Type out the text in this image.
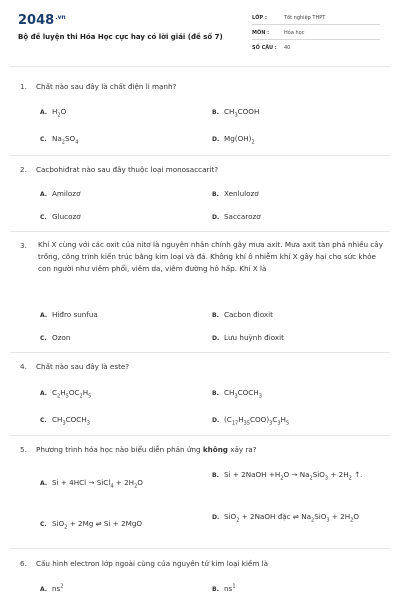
$2048^{.vn}$
Bộ đề luyện thi Hóa Học cực hay có lời giải (đề số 7)
LỚP :	Tốt nghiệp THPT
MÔN :	Hóa học
SỐ CÂU : 40
1. Chất nào sau đây là chất điện li mạnh?
A. $H_2O$	B. $CH_3COOH$
C. $Na_2SO_4$	D. $Mg(OH)_2$
2. Cacbohiđrat nào sau đây thuộc loại monosaccarit?
A. Amilozơ	B. Xenlulozơ
C. Glucozơ	D. Saccarozơ
3.	Khí X cùng với các oxit của nitơ là nguyên nhân chính gây mưa axit. Mưa axit tàn phá nhiều cây trồng, công trình kiến trúc bằng kim loại và đá. Không khí ô nhiễm khí X gây hại cho sức khỏe con người như viêm phổi, viêm da, viêm đường hô hấp. Khí X là
A. Hiđro sunfua	B. Cacbon đioxit
C. Ozon	D. Lưu huỳnh đioxit
4. Chất nào sau đây là este?
A. $C_2H_5OC_2H_5$	B. $CH_3COCH_3$
C. $CH_3COCH_3$	D. $(C_{17}H_{35}COO)_3C_3H_5$
5. Phương trình hóa học nào biểu diễn phản ứng không xảy ra?
A. Si + 4HCl → SiCl$_4$ + $2H_2O$
B. Si + 2NaOH $+H_2O \to Na_2SiO_3 + 2H_2$ ↑.
C. SiO$_2$ + 2Mg ⇌ Si + 2MgO
D. SiO$_2$ + 2NaOH đặc ⇌ $Na_2SiO_3 + 2H_2O$
6. Cấu hình electron lớp ngoài cùng của nguyên tử kim loại kiềm là
A. $ns^2$	B. $ns^1$
